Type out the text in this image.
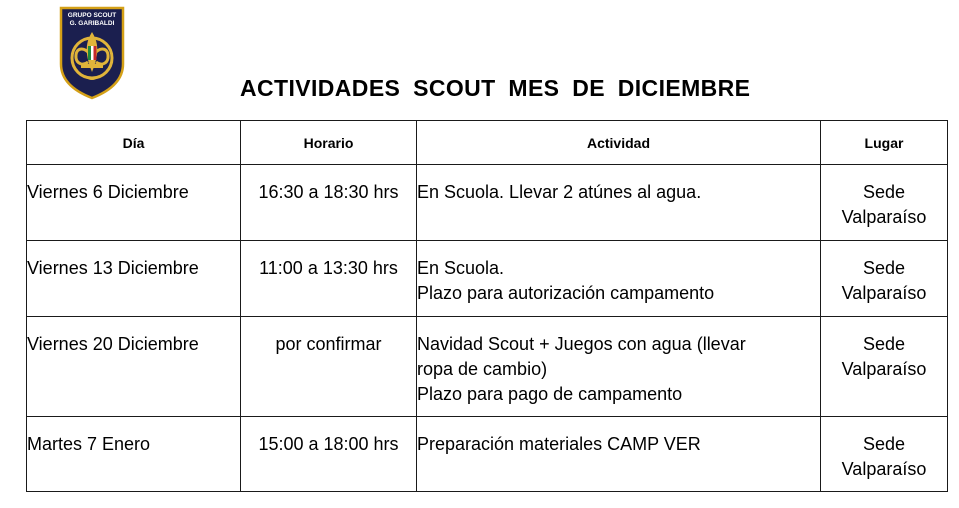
GRUPO SCOUT
G. GARIBALDI
ACTIVIDADES SCOUT MES DE DICIEMBRE
Día	Horario	Actividad	Lugar
Viernes 6 Diciembre	16:30 a 18:30 hrs	En Scuola. Llevar 2 atúnes al agua.	Sede
Valparaíso

Viernes 13 Diciembre	11:00 a 13:30 hrs	En Scuola.
Plazo para autorización campamento	Sede
Valparaíso

Viernes 20 Diciembre	por confirmar	Navidad Scout + Juegos con agua (llevar
ropa de cambio)
Plazo para pago de campamento	Sede
Valparaíso

Martes 7 Enero	15:00 a 18:00 hrs	Preparación materiales CAMP VER	Sede
Valparaíso
